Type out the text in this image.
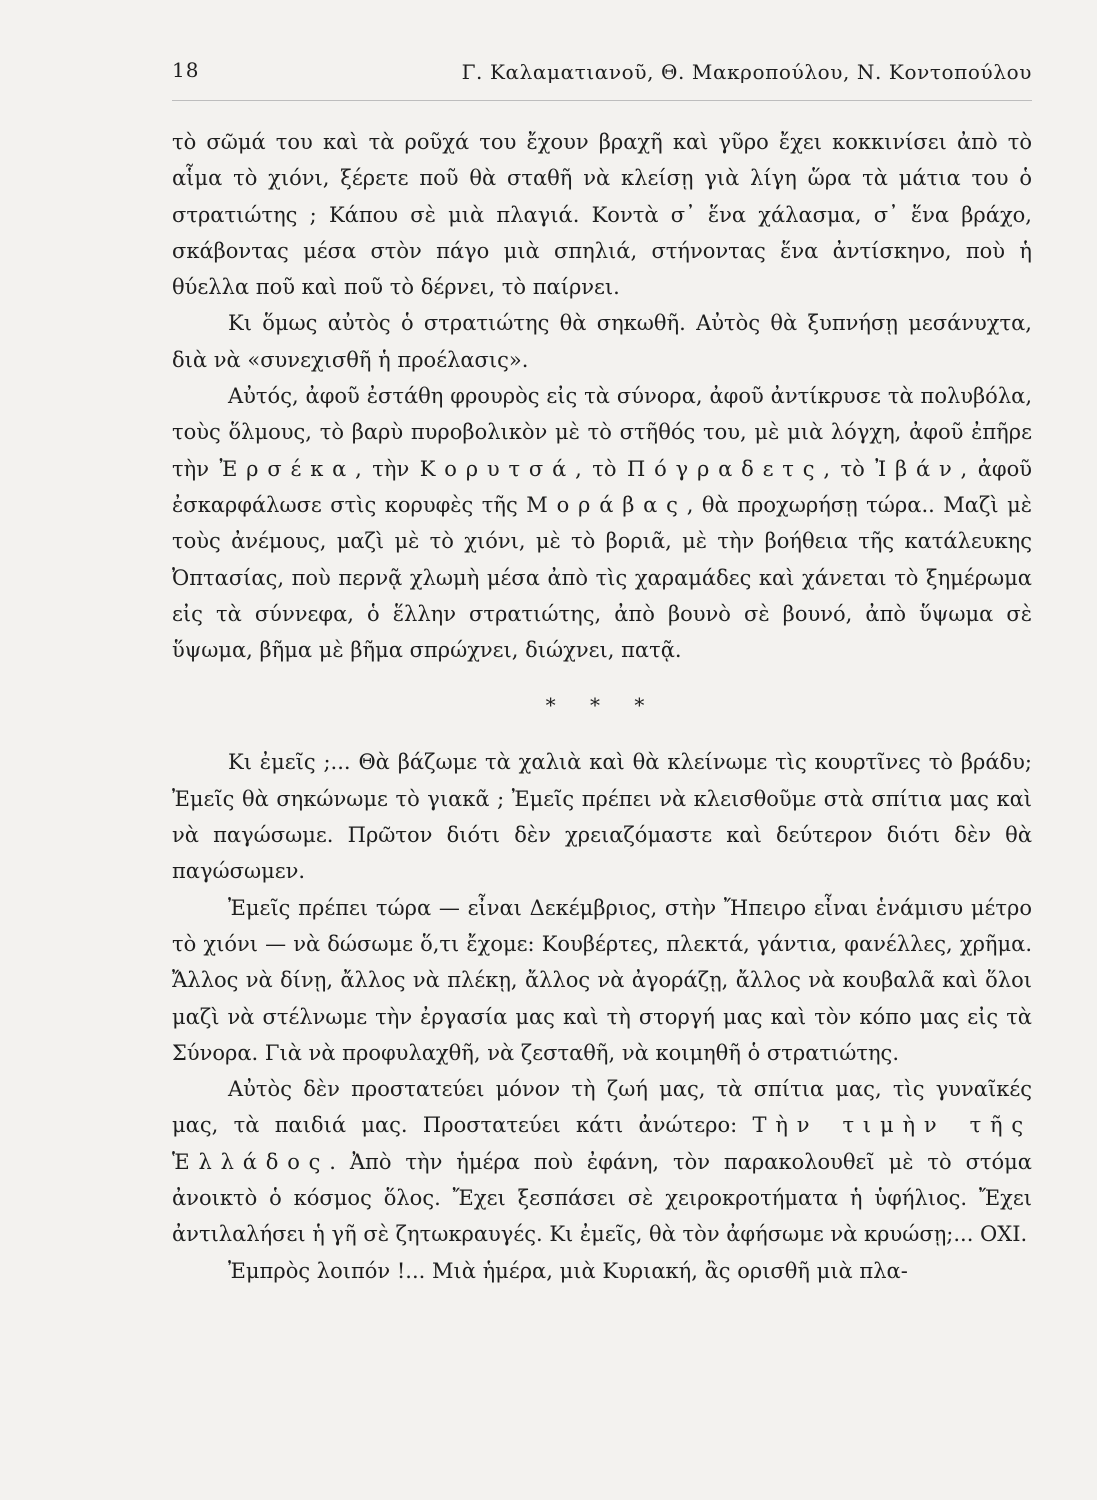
18	Γ. Καλαματιανοῦ, Θ. Μακροπούλου, Ν. Κοντοπούλου

τὸ σῶμά του καὶ τὰ ροῦχά του ἔχουν βραχῆ καὶ γῦρο ἔχει κοκκινίσει ἀπὸ τὸ αἷμα τὸ χιόνι, ξέρετε ποῦ θὰ σταθῆ νὰ κλείσῃ γιὰ λίγη ὥρα τὰ μάτια του ὁ στρατιώτης ; Κάπου σὲ μιὰ πλαγιά. Κοντὰ σ᾽ ἕνα χάλασμα, σ᾽ ἕνα βράχο, σκάβοντας μέσα στὸν πάγο μιὰ σπηλιά, στήνοντας ἕνα ἀντίσκηνο, ποὺ ἡ θύελλα ποῦ καὶ ποῦ τὸ δέρνει, τὸ παίρνει.

Κι ὅμως αὐτὸς ὁ στρατιώτης θὰ σηκωθῆ. Αὐτὸς θὰ ξυπνήσῃ μεσάνυχτα, διὰ νὰ «συνεχισθῆ ἡ προέλασις».

Αὐτός, ἀφοῦ ἐστάθη φρουρὸς εἰς τὰ σύνορα, ἀφοῦ ἀντίκρυσε τὰ πολυβόλα, τοὺς ὅλμους, τὸ βαρὺ πυροβολικὸν μὲ τὸ στῆθός του, μὲ μιὰ λόγχη, ἀφοῦ ἐπῆρε τὴν Ἐρσέκα, τὴν Κορυτσά, τὸ Πόγραδετς, τὸ Ἰβάν, ἀφοῦ ἐσκαρφάλωσε στὶς κορυφὲς τῆς Μοράβας, θὰ προχωρήσῃ τώρα.. Μαζὶ μὲ τοὺς ἀνέμους, μαζὶ μὲ τὸ χιόνι, μὲ τὸ βοριᾶ, μὲ τὴν βοήθεια τῆς κατάλευκης Ὀπτασίας, ποὺ περνᾷ χλωμὴ μέσα ἀπὸ τὶς χαραμάδες καὶ χάνεται τὸ ξημέρωμα εἰς τὰ σύννεφα, ὁ ἕλλην στρατιώτης, ἀπὸ βουνὸ σὲ βουνό, ἀπὸ ὕψωμα σὲ ὕψωμα, βῆμα μὲ βῆμα σπρώχνει, διώχνει, πατᾷ.

* * *

Κι ἐμεῖς ;... Θὰ βάζωμε τὰ χαλιὰ καὶ θὰ κλείνωμε τὶς κουρτῖνες τὸ βράδυ; Ἐμεῖς θὰ σηκώνωμε τὸ γιακᾶ ; Ἐμεῖς πρέπει νὰ κλεισθοῦμε στὰ σπίτια μας καὶ νὰ παγώσωμε. Πρῶτον διότι δὲν χρειαζόμαστε καὶ δεύτερον διότι δὲν θὰ παγώσωμεν.

Ἐμεῖς πρέπει τώρα — εἶναι Δεκέμβριος, στὴν Ἤπειρο εἶναι ἑνάμισυ μέτρο τὸ χιόνι — νὰ δώσωμε ὅ,τι ἔχομε: Κουβέρτες, πλεκτά, γάντια, φανέλλες, χρῆμα. Ἄλλος νὰ δίνῃ, ἄλλος νὰ πλέκῃ, ἄλλος νὰ ἀγοράζῃ, ἄλλος νὰ κουβαλᾶ καὶ ὅλοι μαζὶ νὰ στέλνωμε τὴν ἐργασία μας καὶ τὴ στοργή μας καὶ τὸν κόπο μας εἰς τὰ Σύνορα. Γιὰ νὰ προφυλαχθῆ, νὰ ζεσταθῆ, νὰ κοιμηθῆ ὁ στρατιώτης.

Αὐτὸς δὲν προστατεύει μόνον τὴ ζωή μας, τὰ σπίτια μας, τὶς γυναῖκές μας, τὰ παιδιά μας. Προστατεύει κάτι ἀνώτερο: Τὴν τιμὴν τῆς Ἑλλάδος. Ἀπὸ τὴν ἡμέρα ποὺ ἐφάνη, τὸν παρακολουθεῖ μὲ τὸ στόμα ἀνοικτὸ ὁ κόσμος ὅλος. Ἔχει ξεσπάσει σὲ χειροκροτήματα ἡ ὑφήλιος. Ἔχει ἀντιλαλήσει ἡ γῆ σὲ ζητωκραυγές. Κι ἐμεῖς, θὰ τὸν ἀφήσωμε νὰ κρυώσῃ;... ΟΧΙ.

Ἐμπρὸς λοιπόν !... Μιὰ ἡμέρα, μιὰ Κυριακή, ἂς ορισθῆ μιὰ πλα-
